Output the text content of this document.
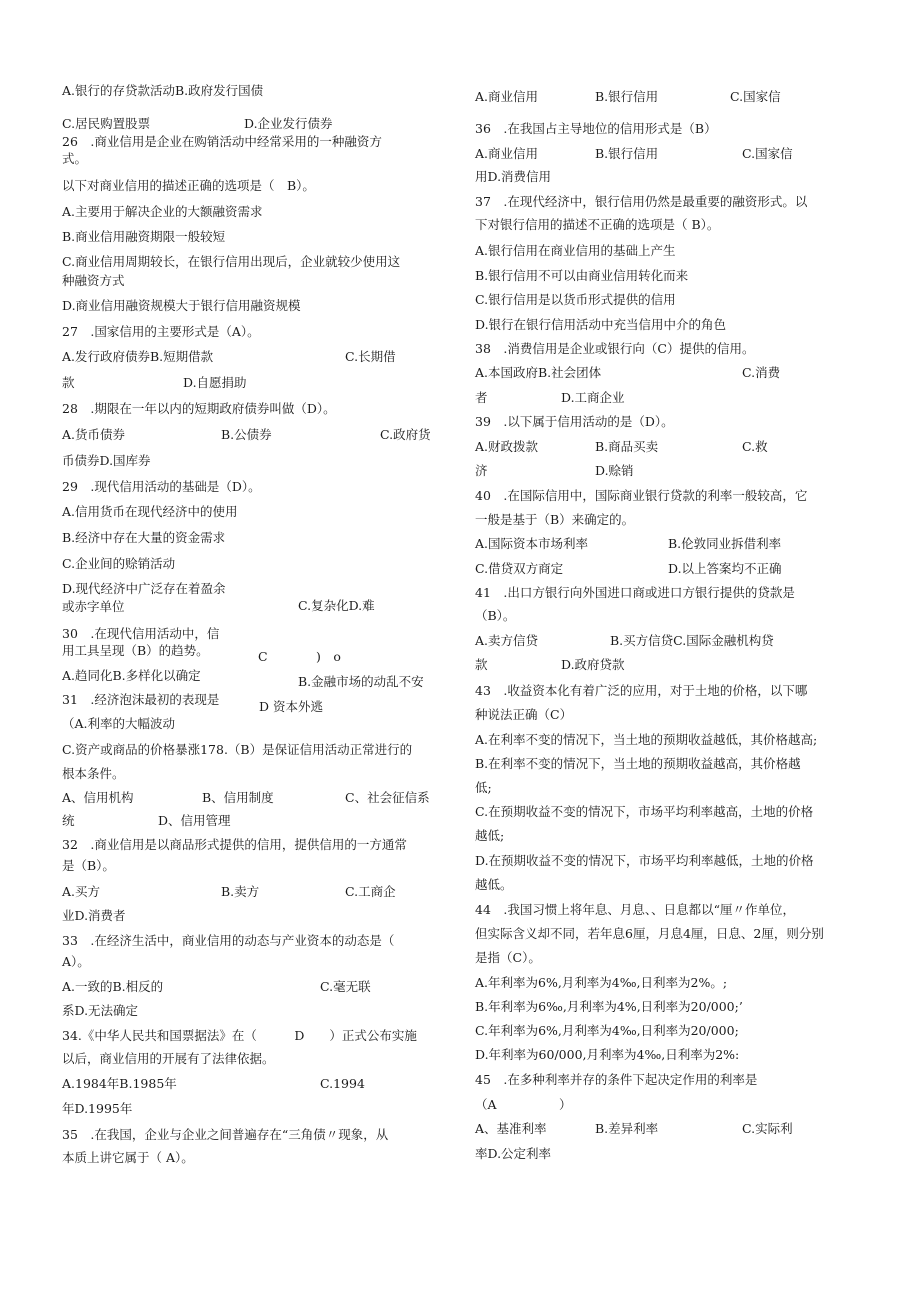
A.银行的存贷款活动B.政府发行国债
C.居民购置股票	D.企业发行债券
26　.商业信用是企业在购销活动中经常采用的一种融资方
式。
以下对商业信用的描述正确的选项是（　B）。
A.主要用于解决企业的大额融资需求
B.商业信用融资期限一般较短
C.商业信用周期较长，在银行信用出现后，企业就较少使用这
种融资方式
D.商业信用融资规模大于银行信用融资规模
27　.国家信用的主要形式是（A）。
A.发行政府债券B.短期借款	C.长期借
款	D.自愿捐助
28　.期限在一年以内的短期政府债券叫做（D）。
A.货币债券	B.公债券	C.政府货
币债券D.国库券
29　.现代信用活动的基础是（D）。
A.信用货币在现代经济中的使用
B.经济中存在大量的资金需求
C.企业间的赊销活动
D.现代经济中广泛存在着盈余
或赤字单位	C.复杂化D.难
30　.在现代信用活动中，信
用工具呈现（B）的趋势。	C	)　o
A.趋同化B.多样化以确定	B.金融市场的动乱不安
31　.经济泡沫最初的表现是	D 资本外逃
（A.利率的大幅波动
C.资产或商品的价格暴涨178.（B）是保证信用活动正常进行的
根本条件。
A、信用机构	B、信用制度	C、社会征信系
统	D、信用管理
32　.商业信用是以商品形式提供的信用，提供信用的一方通常
是（B）。
A.买方	B.卖方	C.工商企
业D.消费者
33　.在经济生活中，商业信用的动态与产业资本的动态是（
A）。
A.一致的B.相反的	C.毫无联
系D.无法确定
34.《中华人民共和国票据法》在（　　　D　　）正式公布实施
以后，商业信用的开展有了法律依据。
A.1984年B.1985年	C.1994
年D.1995年
35　.在我国，企业与企业之间普遍存在“三角债〃现象，从
本质上讲它属于（ A）。
A.商业信用	B.银行信用	C.国家信
36　.在我国占主导地位的信用形式是（B）
A.商业信用	B.银行信用	C.国家信
用D.消费信用
37　.在现代经济中，银行信用仍然是最重要的融资形式。以
下对银行信用的描述不正确的选项是（ B）。
A.银行信用在商业信用的基础上产生
B.银行信用不可以由商业信用转化而来
C.银行信用是以货币形式提供的信用
D.银行在银行信用活动中充当信用中介的角色
38　.消费信用是企业或银行向（C）提供的信用。
A.本国政府B.社会团体	C.消费
者	D.工商企业
39　.以下属于信用活动的是（D）。
A.财政拨款	B.商品买卖	C.救
济	D.赊销
40　.在国际信用中，国际商业银行贷款的利率一般较高，它
一般是基于（B）来确定的。
A.国际资本市场利率	B.伦敦同业拆借利率
C.借贷双方商定	D.以上答案均不正确
41　.出口方银行向外国进口商或进口方银行提供的贷款是
（B）。
A.卖方信贷	B.买方信贷C.国际金融机构贷
款	D.政府贷款
43　.收益资本化有着广泛的应用，对于土地的价格，以下哪
种说法正确（C）
A.在利率不变的情况下，当土地的预期收益越低，其价格越高;
B.在利率不变的情况下，当土地的预期收益越高，其价格越
低;
C.在预期收益不变的情况下，市场平均利率越高，土地的价格
越低;
D.在预期收益不变的情况下，市场平均利率越低，土地的价格
越低。
44　.我国习惯上将年息、月息、、日息都以“厘〃作单位，
但实际含义却不同，若年息6厘，月息4厘，日息、2厘，则分别
是指（C）。
A.年利率为6%,月利率为4‰,日利率为2%。;
B.年利率为6‰,月利率为4%,日利率为20/000;’
C.年利率为6%,月利率为4‰,日利率为20/000;
D.年利率为60/000,月利率为4‰,日利率为2%:
45　.在多种利率并存的条件下起决定作用的利率是
（A　　　　　）
A、基准利率	B.差异利率	C.实际利
率D.公定利率
